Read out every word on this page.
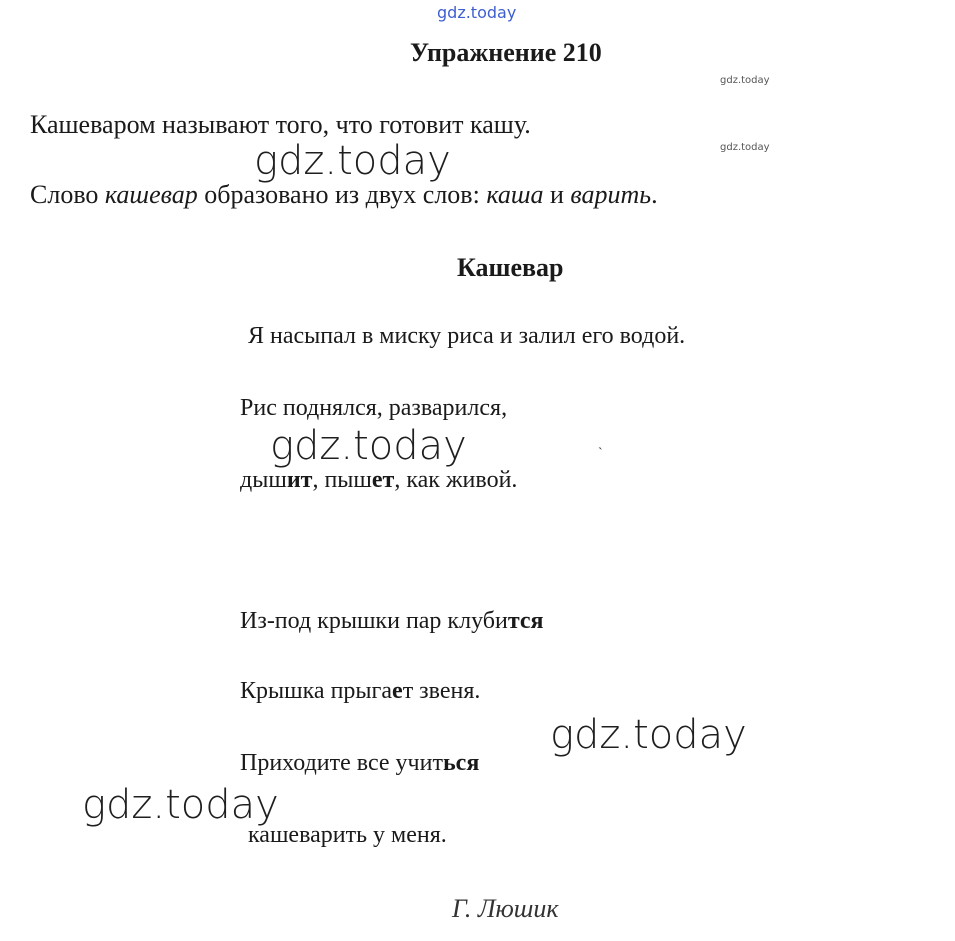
gdz.today
Упражнение 210
gdz.today
Кашеваром называют того, что готовит кашу.
gdz.today
gdz.today
Слово кашевар образовано из двух слов: каша и варить.
Кашевар
Я насыпал в миску риса и залил его водой.
Рис поднялся, разварился,
gdz.today	ˋ
дышит, пышет, как живой.
Из-под крышки пар клубится
Крышка прыгает звеня.
gdz.today
Приходите все учиться
gdz.today
кашеварить у меня.
Г. Люшик
